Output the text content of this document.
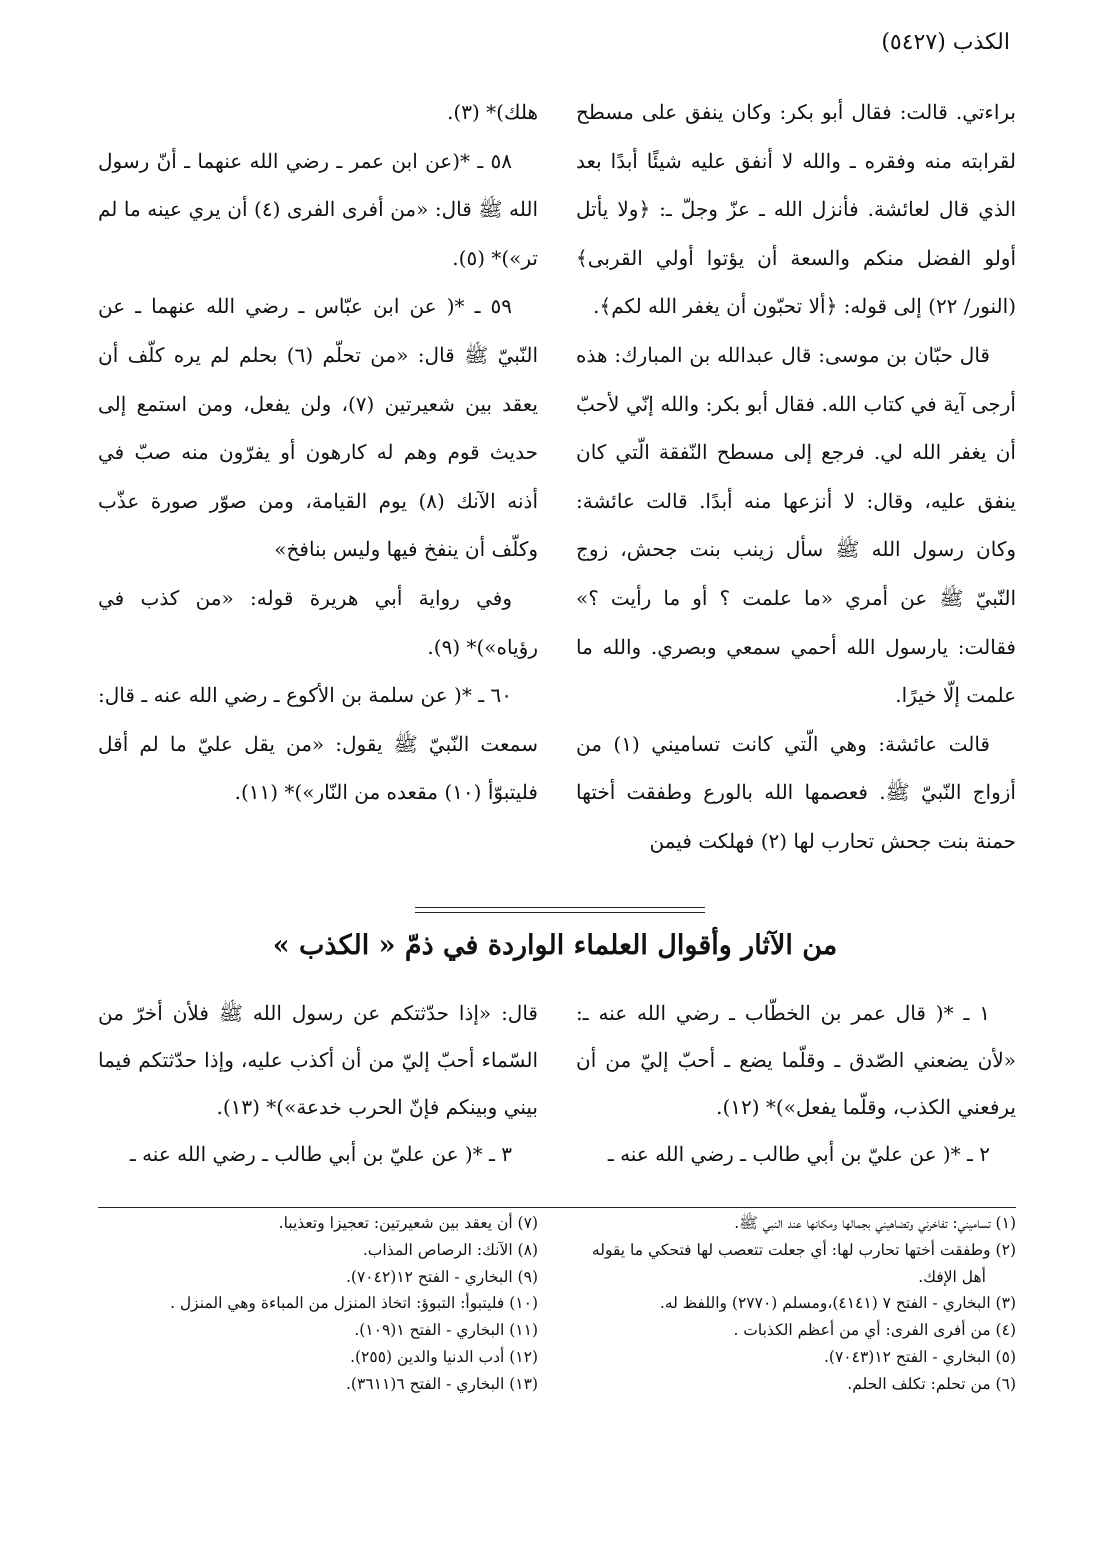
الكذب (٥٤٢٧)

براءتي. قالت: فقال أبو بكر: وكان ينفق على مسطح لقرابته منه وفقره ـ والله لا أنفق عليه شيئًا أبدًا بعد الذي قال لعائشة. فأنزل الله ـ عزّ وجلّ ـ: ﴿ولا يأتل أولو الفضل منكم والسعة أن يؤتوا أولي القربى﴾ (النور/ ٢٢) إلى قوله: ﴿ألا تحبّون أن يغفر الله لكم﴾.

قال حبّان بن موسى: قال عبدالله بن المبارك: هذه أرجى آية في كتاب الله. فقال أبو بكر: والله إنّي لأحبّ أن يغفر الله لي. فرجع إلى مسطح النّفقة الّتي كان ينفق عليه، وقال: لا أنزعها منه أبدًا. قالت عائشة: وكان رسول الله ﷺ سأل زينب بنت جحش، زوج النّبيّ ﷺ عن أمري «ما علمت ؟ أو ما رأيت ؟» فقالت: يارسول الله أحمي سمعي وبصري. والله ما علمت إلّا خيرًا.

قالت عائشة: وهي الّتي كانت تساميني (١) من أزواج النّبيّ ﷺ. فعصمها الله بالورع وطفقت أختها حمنة بنت جحش تحارب لها (٢) فهلكت فيمن

هلك)* (٣).

٥٨ ـ *(عن ابن عمر ـ رضي الله عنهما ـ أنّ رسول الله ﷺ قال: «من أفرى الفرى (٤) أن يري عينه ما لم تر»)* (٥).

٥٩ ـ *( عن ابن عبّاس ـ رضي الله عنهما ـ عن النّبيّ ﷺ قال: «من تحلّم (٦) بحلم لم يره كلّف أن يعقد بين شعيرتين (٧)، ولن يفعل، ومن استمع إلى حديث قوم وهم له كارهون أو يفرّون منه صبّ في أذنه الآنك (٨) يوم القيامة، ومن صوّر صورة عذّب وكلّف أن ينفخ فيها وليس بنافخ»

وفي رواية أبي هريرة قوله: «من كذب في رؤياه»)* (٩).

٦٠ ـ *( عن سلمة بن الأكوع ـ رضي الله عنه ـ قال: سمعت النّبيّ ﷺ يقول: «من يقل عليّ ما لم أقل فليتبوّأ (١٠) مقعده من النّار»)* (١١).

من الآثار وأقوال العلماء الواردة في ذمّ « الكذب »

١ ـ *( قال عمر بن الخطّاب ـ رضي الله عنه ـ: «لأن يضعني الصّدق ـ وقلّما يضع ـ أحبّ إليّ من أن يرفعني الكذب، وقلّما يفعل»)* (١٢).

٢ ـ *( عن عليّ بن أبي طالب ـ رضي الله عنه ـ

قال: «إذا حدّثتكم عن رسول الله ﷺ فلأن أخرّ من السّماء أحبّ إليّ من أن أكذب عليه، وإذا حدّثتكم فيما بيني وبينكم فإنّ الحرب خدعة»)* (١٣).

٣ ـ *( عن عليّ بن أبي طالب ـ رضي الله عنه ـ

(١) تساميني: تفاخرني وتضاهيني بجمالها ومكانها عند النبي ﷺ.

(٢) وطفقت أختها تحارب لها: أي جعلت تتعصب لها فتحكي ما يقوله أهل الإفك.

(٣) البخاري - الفتح ٧ (٤١٤١)،ومسلم (٢٧٧٠) واللفظ له.

(٤) من أفرى الفرى: أي من أعظم الكذبات .

(٥) البخاري - الفتح ١٢(٧٠٤٣).

(٦) من تحلم: تكلف الحلم.

(٧) أن يعقد بين شعيرتين: تعجيزا وتعذيبا.

(٨) الآنك: الرصاص المذاب.

(٩) البخاري - الفتح ١٢(٧٠٤٢).

(١٠) فليتبوأ: التبوؤ: اتخاذ المنزل من المباءة وهي المنزل .

(١١) البخاري - الفتح ١(١٠٩).

(١٢) أدب الدنيا والدين (٢٥٥).

(١٣) البخاري - الفتح ٦(٣٦١١).
